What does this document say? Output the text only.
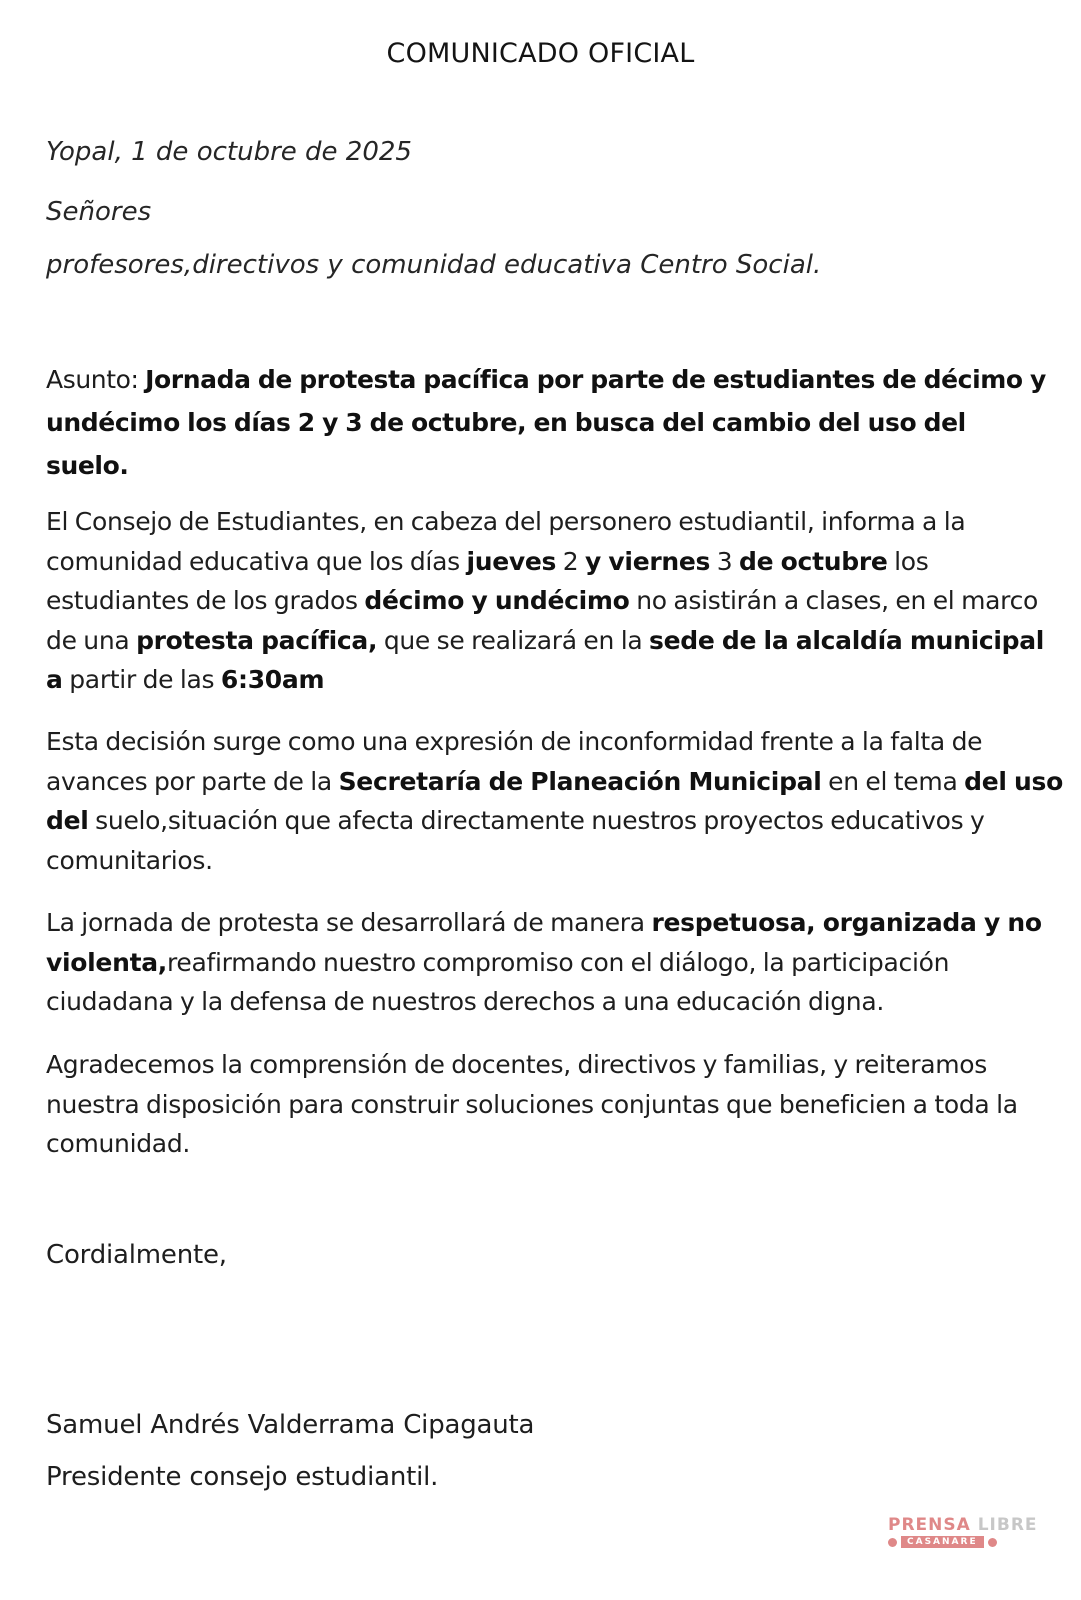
COMUNICADO OFICIAL
Yopal, 1 de octubre de 2025
Señores
profesores,directivos y comunidad educativa Centro Social.

Asunto: Jornada de protesta pacífica por parte de estudiantes de décimo y undécimo los días 2 y 3 de octubre, en busca del cambio del uso del suelo.

El Consejo de Estudiantes, en cabeza del personero estudiantil, informa a la comunidad educativa que los días jueves 2 y viernes 3 de octubre los estudiantes de los grados décimo y undécimo no asistirán a clases, en el marco de una protesta pacífica, que se realizará en la sede de la alcaldía municipal a partir de las 6:30am

Esta decisión surge como una expresión de inconformidad frente a la falta de avances por parte de la Secretaría de Planeación Municipal en el tema del uso del suelo,situación que afecta directamente nuestros proyectos educativos y comunitarios.

La jornada de protesta se desarrollará de manera respetuosa, organizada y no violenta,reafirmando nuestro compromiso con el diálogo, la participación ciudadana y la defensa de nuestros derechos a una educación digna.

Agradecemos la comprensión de docentes, directivos y familias, y reiteramos nuestra disposición para construir soluciones conjuntas que beneficien a toda la comunidad.

Cordialmente,
Samuel Andrés Valderrama Cipagauta
Presidente consejo estudiantil.
PRENSA LIBRE
CASANARE
